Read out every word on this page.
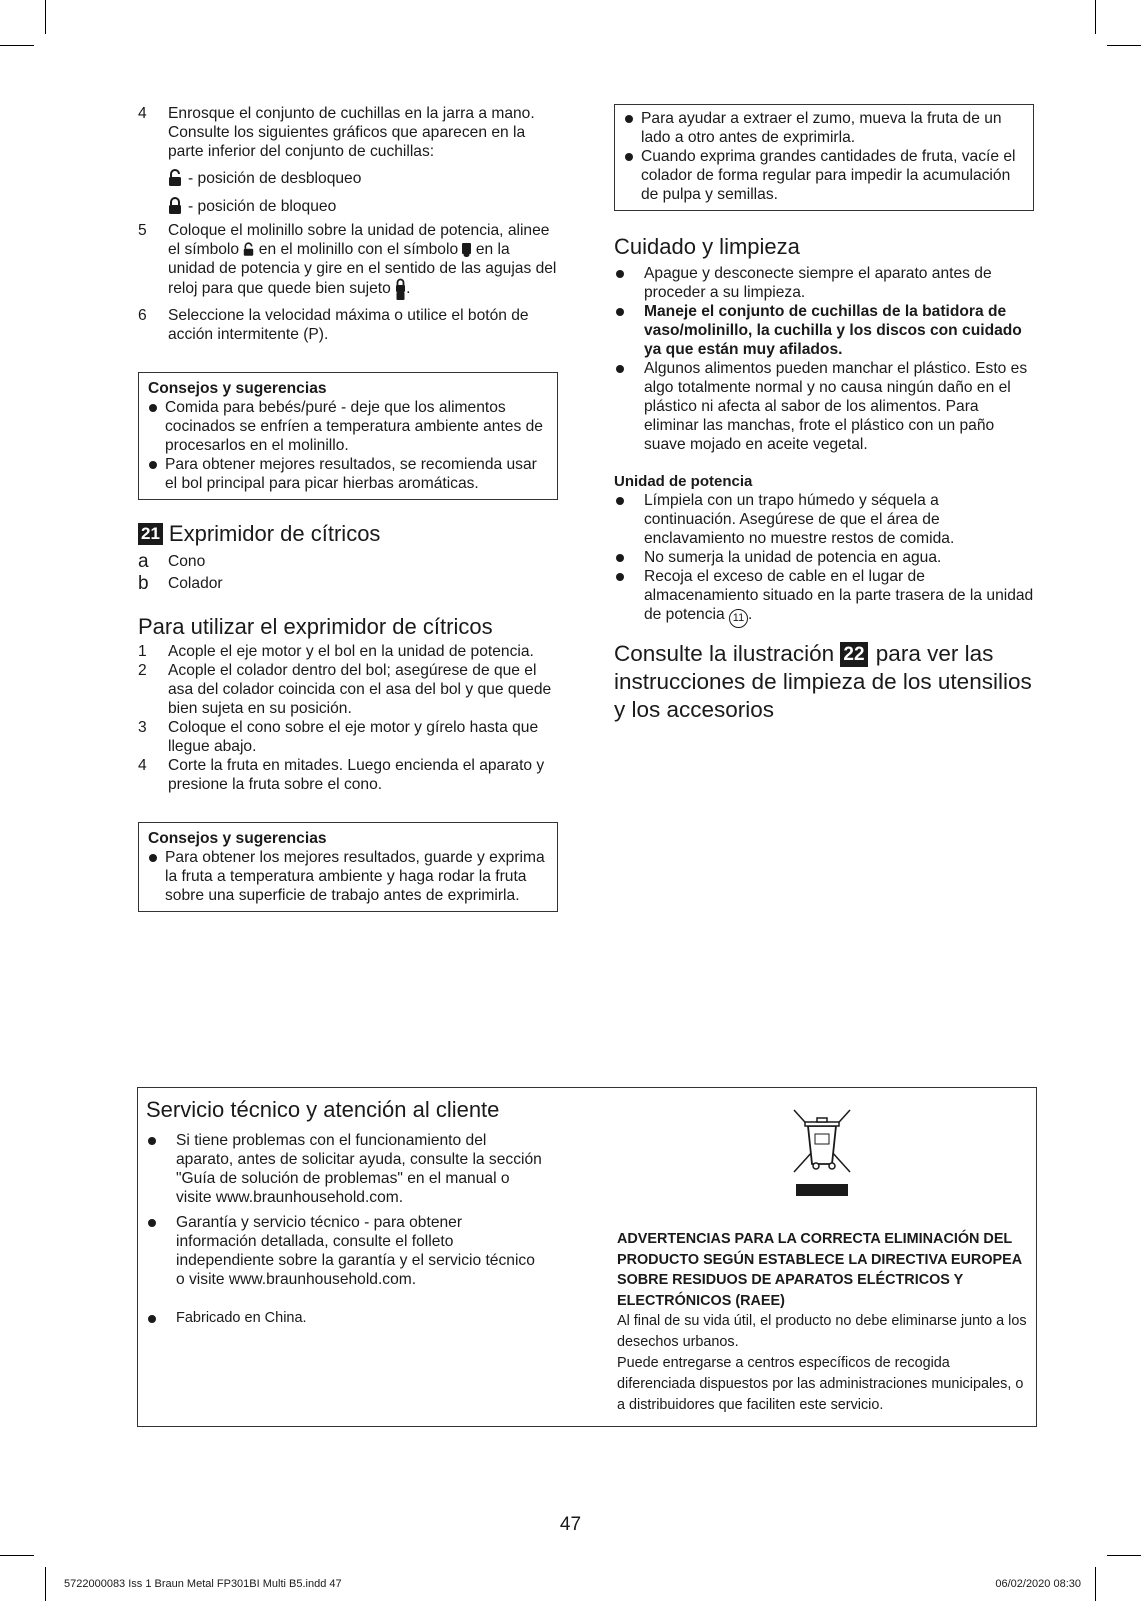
4 Enrosque el conjunto de cuchillas en la jarra a mano. Consulte los siguientes gráficos que aparecen en la parte inferior del conjunto de cuchillas:
- posición de desbloqueo
- posición de bloqueo
5 Coloque el molinillo sobre la unidad de potencia, alinee el símbolo en el molinillo con el símbolo en la unidad de potencia y gire en el sentido de las agujas del reloj para que quede bien sujeto .
6 Seleccione la velocidad máxima o utilice el botón de acción intermitente (P).
Consejos y sugerencias
Comida para bebés/puré - deje que los alimentos cocinados se enfríen a temperatura ambiente antes de procesarlos en el molinillo.
Para obtener mejores resultados, se recomienda usar el bol principal para picar hierbas aromáticas.
21 Exprimidor de cítricos
a Cono
b Colador
Para utilizar el exprimidor de cítricos
1 Acople el eje motor y el bol en la unidad de potencia.
2 Acople el colador dentro del bol; asegúrese de que el asa del colador coincida con el asa del bol y que quede bien sujeta en su posición.
3 Coloque el cono sobre el eje motor y gírelo hasta que llegue abajo.
4 Corte la fruta en mitades. Luego encienda el aparato y presione la fruta sobre el cono.
Consejos y sugerencias
Para obtener los mejores resultados, guarde y exprima la fruta a temperatura ambiente y haga rodar la fruta sobre una superficie de trabajo antes de exprimirla.
Para ayudar a extraer el zumo, mueva la fruta de un lado a otro antes de exprimirla.
Cuando exprima grandes cantidades de fruta, vacíe el colador de forma regular para impedir la acumulación de pulpa y semillas.
Cuidado y limpieza
Apague y desconecte siempre el aparato antes de proceder a su limpieza.
Maneje el conjunto de cuchillas de la batidora de vaso/molinillo, la cuchilla y los discos con cuidado ya que están muy afilados.
Algunos alimentos pueden manchar el plástico. Esto es algo totalmente normal y no causa ningún daño en el plástico ni afecta al sabor de los alimentos. Para eliminar las manchas, frote el plástico con un paño suave mojado en aceite vegetal.
Unidad de potencia
Límpiela con un trapo húmedo y séquela a continuación. Asegúrese de que el área de enclavamiento no muestre restos de comida.
No sumerja la unidad de potencia en agua.
Recoja el exceso de cable en el lugar de almacenamiento situado en la parte trasera de la unidad de potencia 11 .
Consulte la ilustración 22 para ver las instrucciones de limpieza de los utensilios y los accesorios
Servicio técnico y atención al cliente
Si tiene problemas con el funcionamiento del aparato, antes de solicitar ayuda, consulte la sección "Guía de solución de problemas" en el manual o visite www.braunhousehold.com.
Garantía y servicio técnico - para obtener información detallada, consulte el folleto independiente sobre la garantía y el servicio técnico o visite www.braunhousehold.com.
Fabricado en China.
ADVERTENCIAS PARA LA CORRECTA ELIMINACIÓN DEL PRODUCTO SEGÚN ESTABLECE LA DIRECTIVA EUROPEA SOBRE RESIDUOS DE APARATOS ELÉCTRICOS Y ELECTRÓNICOS (RAEE)
Al final de su vida útil, el producto no debe eliminarse junto a los desechos urbanos.
Puede entregarse a centros específicos de recogida diferenciada dispuestos por las administraciones municipales, o a distribuidores que faciliten este servicio.
47
5722000083 Iss 1 Braun Metal FP301BI Multi B5.indd 47	06/02/2020 08:30
